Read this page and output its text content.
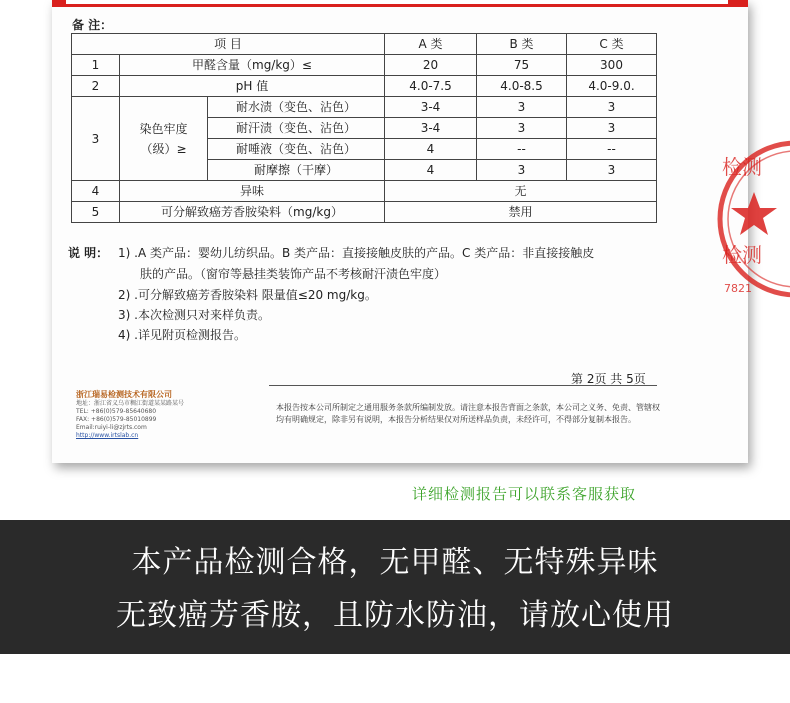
备 注：
项 目			A 类	B 类	C 类
1	甲醛含量（mg/kg）≤		20	75	300
2	pH 值		4.0-7.5	4.0-8.5	4.0-9.0.
3	染色牢度（级）≥	耐水渍（变色、沾色）	3-4	3	3
		耐汗渍（变色、沾色）	3-4	3	3
		耐唾液（变色、沾色）	4	--	--
		耐摩擦（干摩）	4	3	3
4	异味		无		
5	可分解致癌芳香胺染料（mg/kg）		禁用		
说 明： 1) .A 类产品：婴幼儿纺织品。B 类产品：直接接触皮肤的产品。C 类产品：非直接接触皮
肤的产品。（窗帘等悬挂类装饰产品不考核耐汗渍色牢度）
2) .可分解致癌芳香胺染料 限量值≤20 mg/kg。
3) .本次检测只对来样负责。
4) .详见附页检测报告。
第 2页 共 5页
浙江瑞易检测技术有限公司
地址：浙江省义乌市稠江街道某某路某号
TEL: +86(0)579-85640680
FAX: +86(0)579-85010899
Email:ruiyi-li@zjrts.com
http://www.irtslab.cn
本报告按本公司所制定之通用服务条款所编制发放。请注意本报告背面之条款，本公司之义务、免责、管辖权均有明确规定，除非另有说明，本报告分析结果仅对所送样品负责，未经许可，不得部分复制本报告。
检测
检测
7821
详细检测报告可以联系客服获取
本产品检测合格，无甲醛、无特殊异味
无致癌芳香胺，且防水防油，请放心使用
